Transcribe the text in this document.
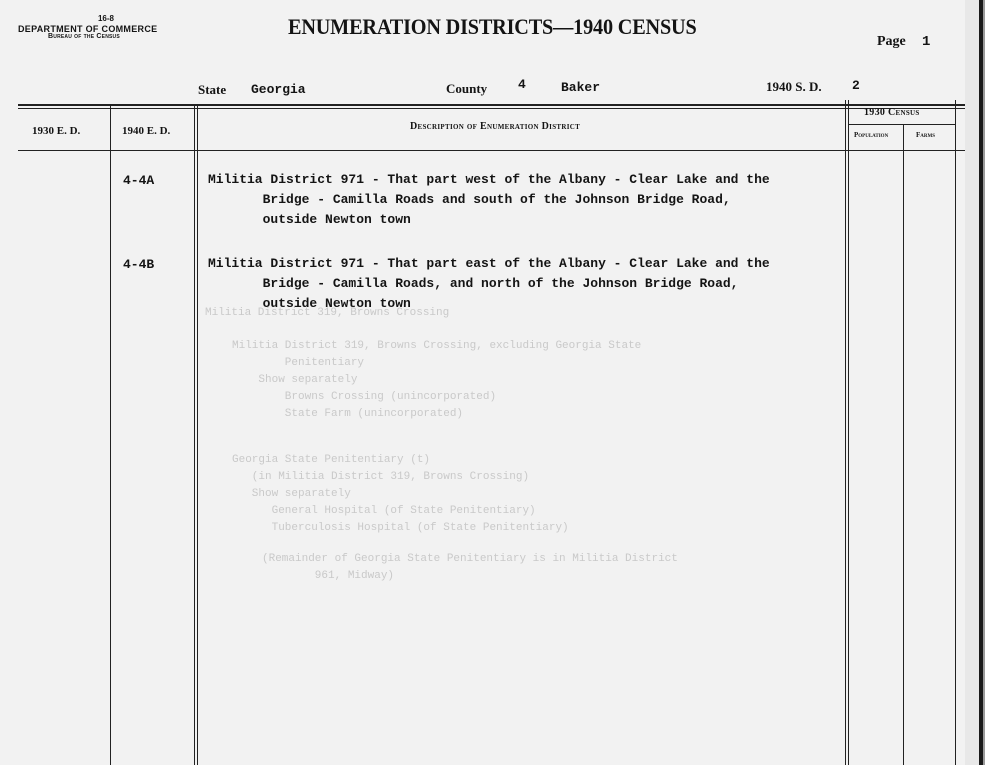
16-8
DEPARTMENT OF COMMERCE
Bureau of the Census	ENUMERATION DISTRICTS—1940 CENSUS
Page 1
State Georgia	County 4	Baker	1940 S. D. 2
1930 E. D.	1940 E. D.	Description of Enumeration District
1930 Census
Population	Farms
Militia District 319, Browns Crossing
Militia District 319, Browns Crossing, excluding Georgia State
Penitentiary
Show separately
Browns Crossing (unincorporated)
State Farm (unincorporated)
Georgia State Penitentiary (t)
(in Militia District 319, Browns Crossing)
Show separately
General Hospital (of State Penitentiary)
Tuberculosis Hospital (of State Penitentiary)
(Remainder of Georgia State Penitentiary is in Militia District
961, Midway)
4-4A	Militia District 971 - That part west of the Albany - Clear Lake and the
Bridge - Camilla Roads and south of the Johnson Bridge Road,
outside Newton town
4-4B	Militia District 971 - That part east of the Albany - Clear Lake and the
Bridge - Camilla Roads, and north of the Johnson Bridge Road,
outside Newton town
